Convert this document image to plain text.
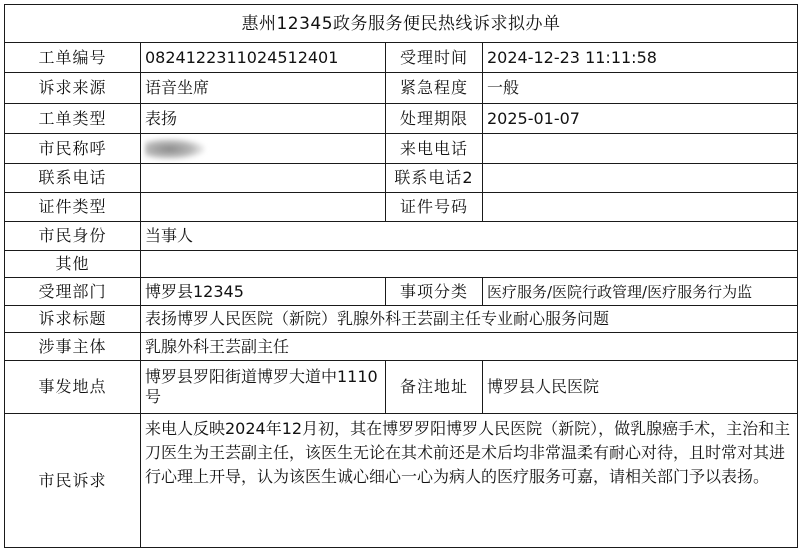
惠州12345政务服务便民热线诉求拟办单			
工单编号	0824122311024512401	受理时间	2024-12-23 11:11:58
诉求来源	语音坐席	紧急程度	一般
工单类型	表扬	处理期限	2025-01-07
市民称呼		来电电话	
联系电话		联系电话2	
证件类型		证件号码	
市民身份	当事人		
其他			
受理部门	博罗县12345	事项分类	医疗服务/医院行政管理/医疗服务行为监
诉求标题	表扬博罗人民医院（新院）乳腺外科王芸副主任专业耐心服务问题		
涉事主体	乳腺外科王芸副主任		
事发地点	博罗县罗阳街道博罗大道中1110号	备注地址	博罗县人民医院
市民诉求	来电人反映2024年12月初，其在博罗罗阳博罗人民医院（新院），做乳腺癌手术，主治和主刀医生为王芸副主任，该医生无论在其术前还是术后均非常温柔有耐心对待，且时常对其进行心理上开导，认为该医生诚心细心一心为病人的医疗服务可嘉，请相关部门予以表扬。		
